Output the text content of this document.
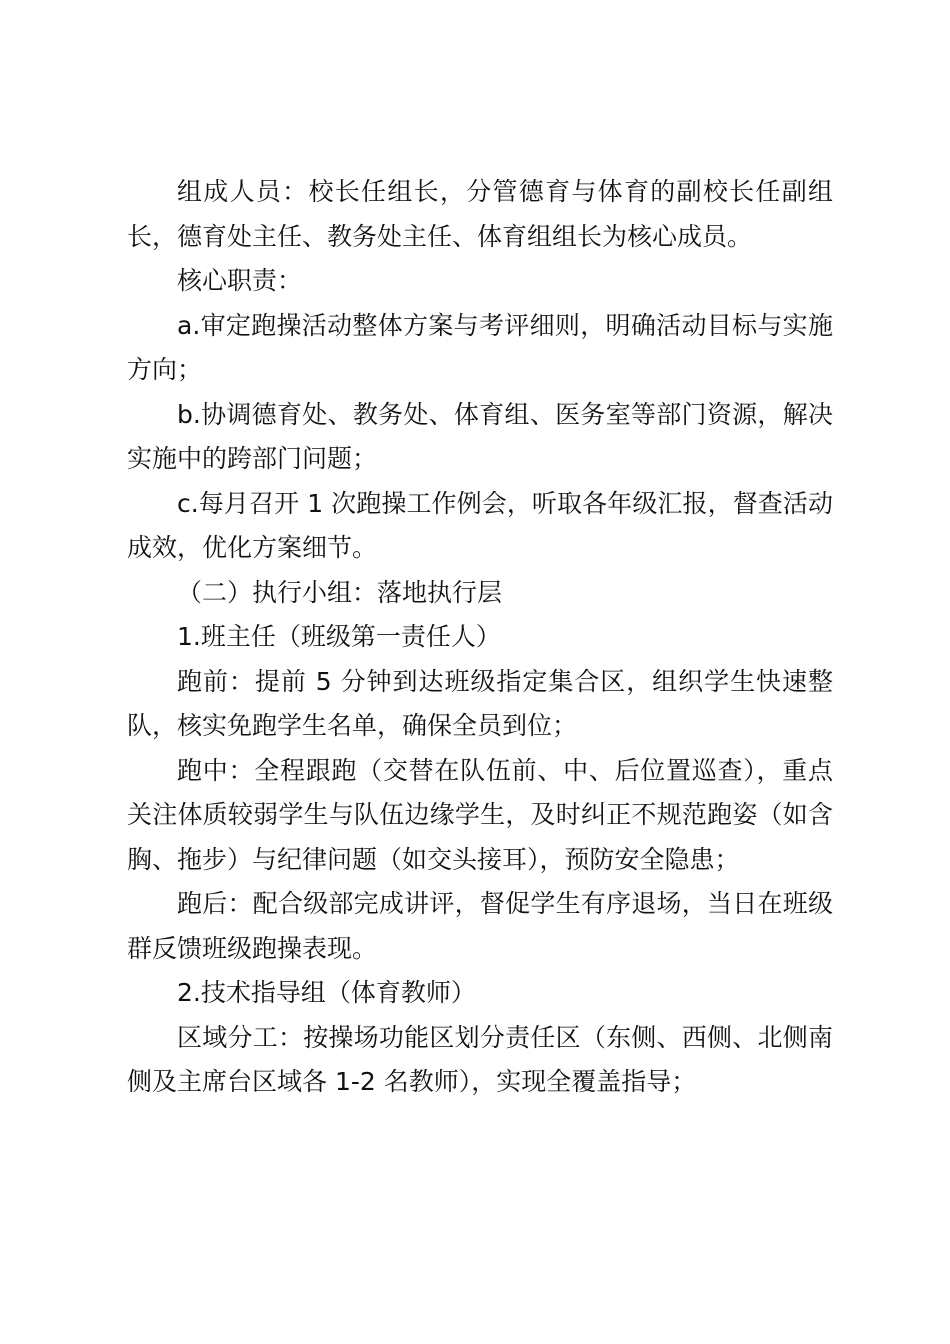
组成人员：校长任组长，分管德育与体育的副校长任副组长，德育处主任、教务处主任、体育组组长为核心成员。

核心职责：

a.审定跑操活动整体方案与考评细则，明确活动目标与实施方向；

b.协调德育处、教务处、体育组、医务室等部门资源，解决实施中的跨部门问题；

c.每月召开 1 次跑操工作例会，听取各年级汇报，督查活动成效，优化方案细节。

（二）执行小组：落地执行层

1.班主任（班级第一责任人）

跑前：提前 5 分钟到达班级指定集合区，组织学生快速整队，核实免跑学生名单，确保全员到位；

跑中：全程跟跑（交替在队伍前、中、后位置巡查），重点关注体质较弱学生与队伍边缘学生，及时纠正不规范跑姿（如含胸、拖步）与纪律问题（如交头接耳），预防安全隐患；

跑后：配合级部完成讲评，督促学生有序退场，当日在班级群反馈班级跑操表现。

2.技术指导组（体育教师）

区域分工：按操场功能区划分责任区（东侧、西侧、北侧南侧及主席台区域各 1-2 名教师），实现全覆盖指导；
